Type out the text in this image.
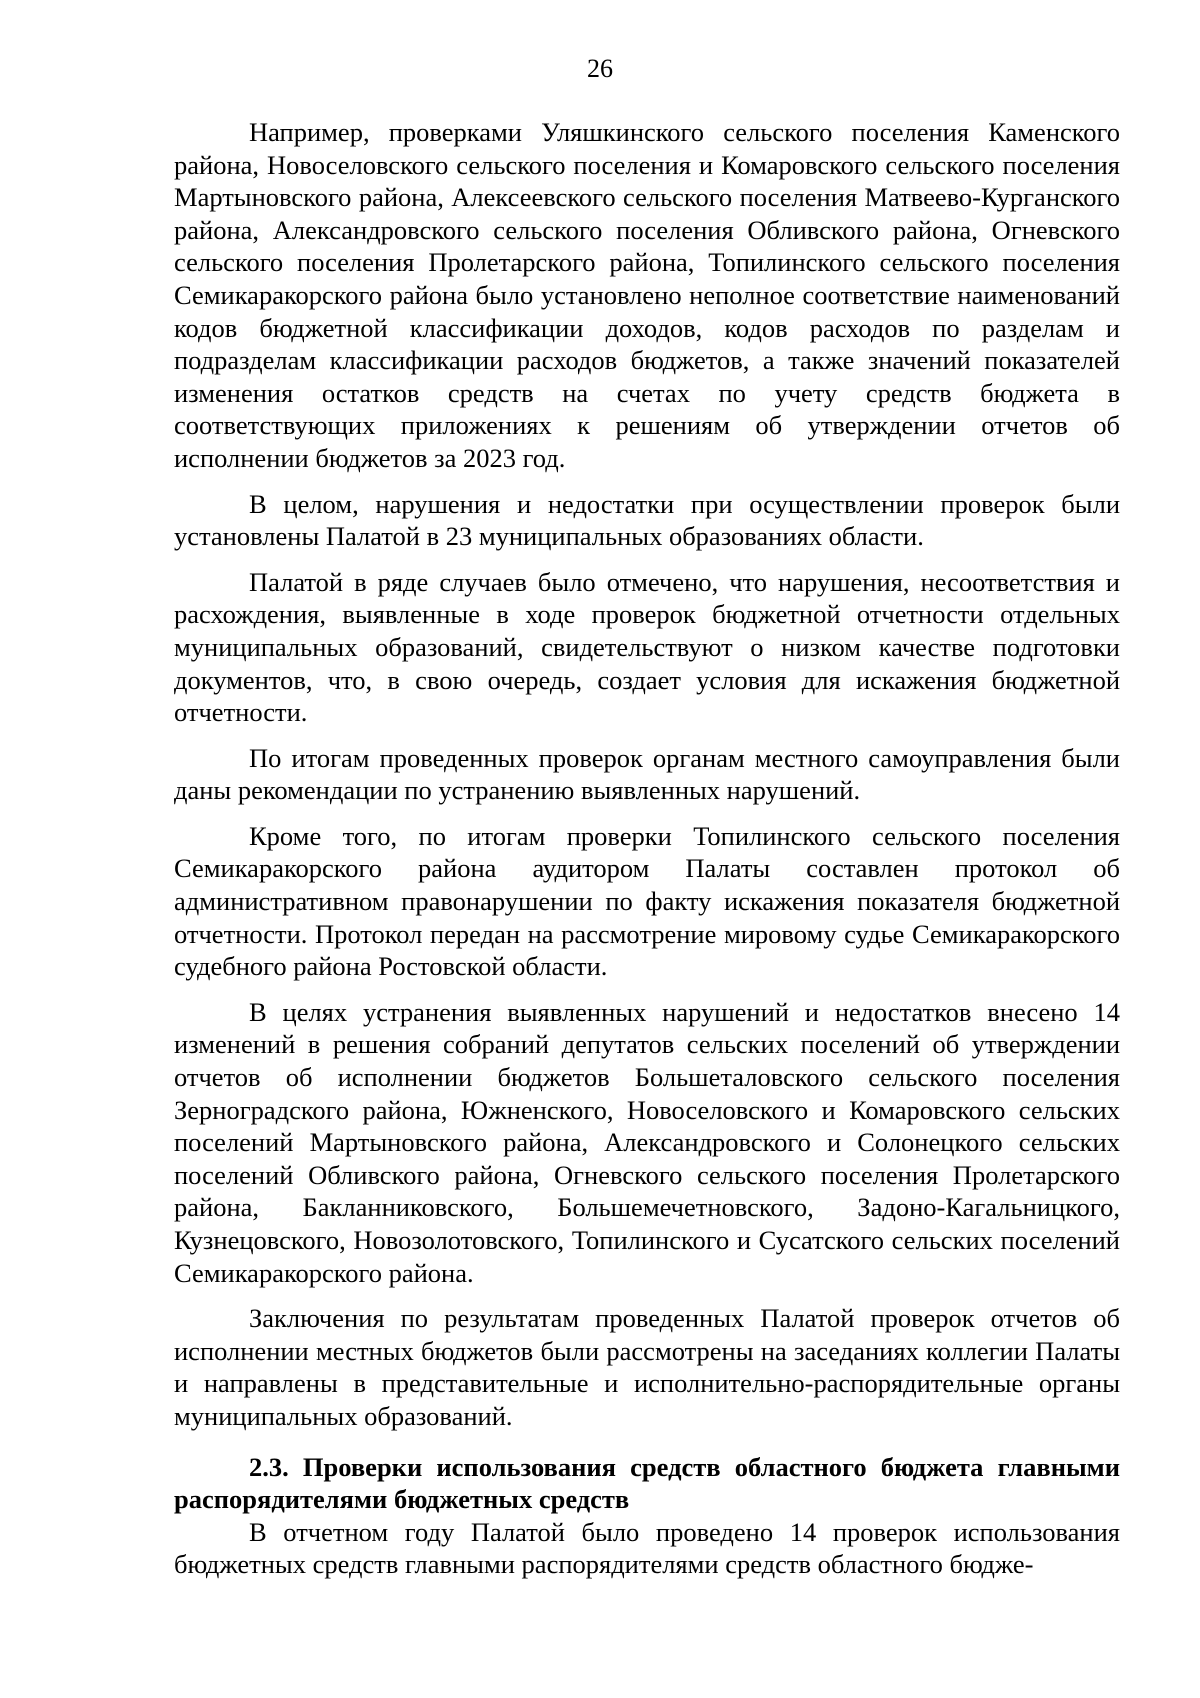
26

Например, проверками Уляшкинского сельского поселения Каменского района, Новоселовского сельского поселения и Комаровского сельского поселения Мартыновского района, Алексеевского сельского поселения Матвеево-Курганского района, Александровского сельского поселения Обливского района, Огневского сельского поселения Пролетарского района, Топилинского сельского поселения Семикаракорского района было установлено неполное соответствие наименований кодов бюджетной классификации доходов, кодов расходов по разделам и подразделам классификации расходов бюджетов, а также значений показателей изменения остатков средств на счетах по учету средств бюджета в соответствующих приложениях к решениям об утверждении отчетов об исполнении бюджетов за 2023 год.

В целом, нарушения и недостатки при осуществлении проверок были установлены Палатой в 23 муниципальных образованиях области.

Палатой в ряде случаев было отмечено, что нарушения, несоответствия и расхождения, выявленные в ходе проверок бюджетной отчетности отдельных муниципальных образований, свидетельствуют о низком качестве подготовки документов, что, в свою очередь, создает условия для искажения бюджетной отчетности.

По итогам проведенных проверок органам местного самоуправления были даны рекомендации по устранению выявленных нарушений.

Кроме того, по итогам проверки Топилинского сельского поселения Семикаракорского района аудитором Палаты составлен протокол об административном правонарушении по факту искажения показателя бюджетной отчетности. Протокол передан на рассмотрение мировому судье Семикаракорского судебного района Ростовской области.

В целях устранения выявленных нарушений и недостатков внесено 14 изменений в решения собраний депутатов сельских поселений об утверждении отчетов об исполнении бюджетов Большеталовского сельского поселения Зерноградского района, Южненского, Новоселовского и Комаровского сельских поселений Мартыновского района, Александровского и Солонецкого сельских поселений Обливского района, Огневского сельского поселения Пролетарского района, Бакланниковского, Большемечетновского, Задоно-Кагальницкого, Кузнецовского, Новозолотовского, Топилинского и Сусатского сельских поселений Семикаракорского района.

Заключения по результатам проведенных Палатой проверок отчетов об исполнении местных бюджетов были рассмотрены на заседаниях коллегии Палаты и направлены в представительные и исполнительно-распорядительные органы муниципальных образований.

2.3. Проверки использования средств областного бюджета главными распорядителями бюджетных средств

В отчетном году Палатой было проведено 14 проверок использования бюджетных средств главными распорядителями средств областного бюдже-
